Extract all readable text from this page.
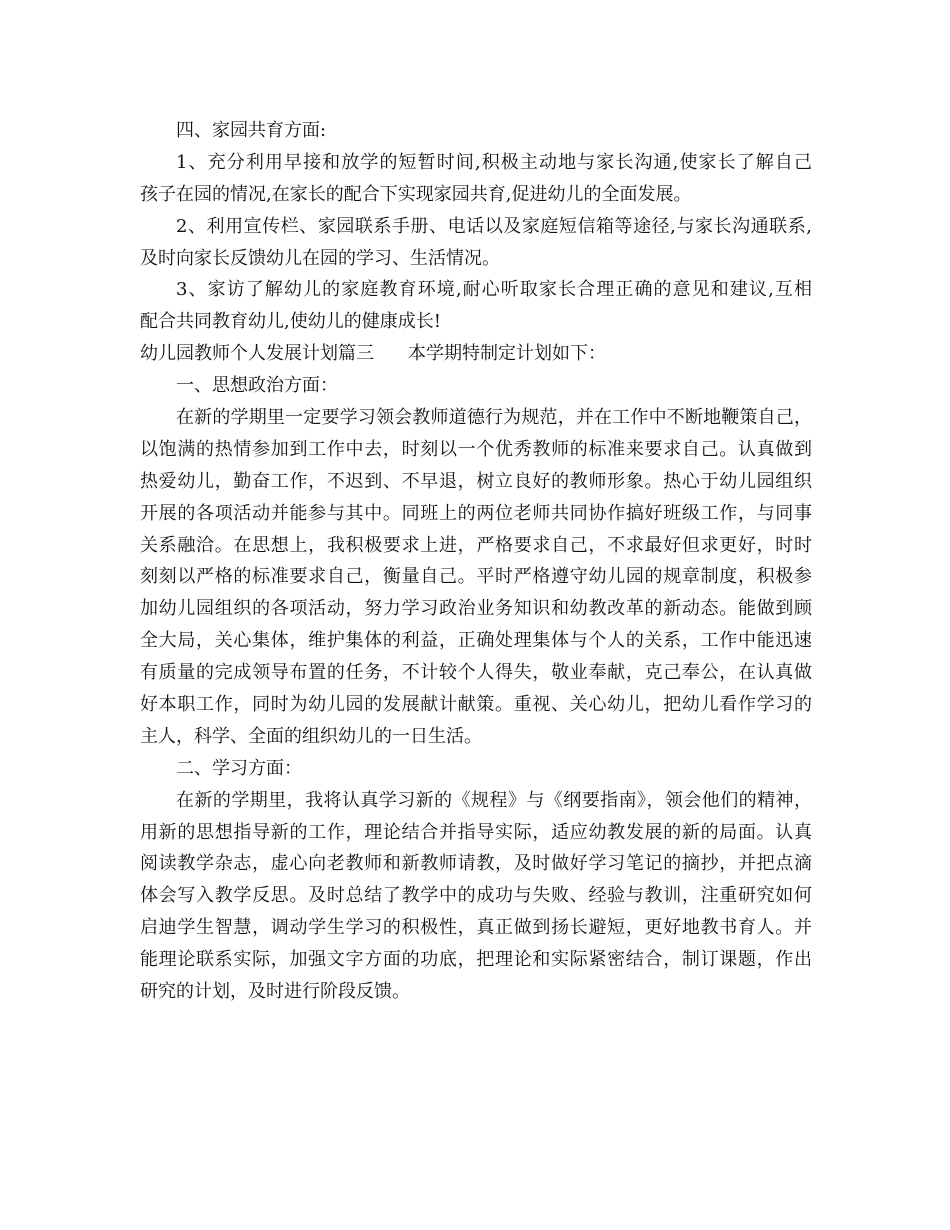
四、家园共育方面:
1、充分利用早接和放学的短暂时间,积极主动地与家长沟通,使家长了解自己
孩子在园的情况,在家长的配合下实现家园共育,促进幼儿的全面发展。
2、利用宣传栏、家园联系手册、电话以及家庭短信箱等途径,与家长沟通联系,
及时向家长反馈幼儿在园的学习、生活情况。
3、家访了解幼儿的家庭教育环境,耐心听取家长合理正确的意见和建议,互相
配合共同教育幼儿,使幼儿的健康成长!
幼儿园教师个人发展计划篇三 本学期特制定计划如下：
一、思想政治方面：
在新的学期里一定要学习领会教师道德行为规范，并在工作中不断地鞭策自己，
以饱满的热情参加到工作中去，时刻以一个优秀教师的标准来要求自己。认真做到
热爱幼儿，勤奋工作，不迟到、不早退，树立良好的教师形象。热心于幼儿园组织
开展的各项活动并能参与其中。同班上的两位老师共同协作搞好班级工作，与同事
关系融洽。在思想上，我积极要求上进，严格要求自己，不求最好但求更好，时时
刻刻以严格的标准要求自己，衡量自己。平时严格遵守幼儿园的规章制度，积极参
加幼儿园组织的各项活动，努力学习政治业务知识和幼教改革的新动态。能做到顾
全大局，关心集体，维护集体的利益，正确处理集体与个人的关系，工作中能迅速
有质量的完成领导布置的任务，不计较个人得失，敬业奉献，克己奉公，在认真做
好本职工作，同时为幼儿园的发展献计献策。重视、关心幼儿，把幼儿看作学习的
主人，科学、全面的组织幼儿的一日生活。
二、学习方面：
在新的学期里，我将认真学习新的《规程》与《纲要指南》，领会他们的精神，
用新的思想指导新的工作，理论结合并指导实际，适应幼教发展的新的局面。认真
阅读教学杂志，虚心向老教师和新教师请教，及时做好学习笔记的摘抄，并把点滴
体会写入教学反思。及时总结了教学中的成功与失败、经验与教训，注重研究如何
启迪学生智慧，调动学生学习的积极性，真正做到扬长避短，更好地教书育人。并
能理论联系实际，加强文字方面的功底，把理论和实际紧密结合，制订课题，作出
研究的计划，及时进行阶段反馈。
